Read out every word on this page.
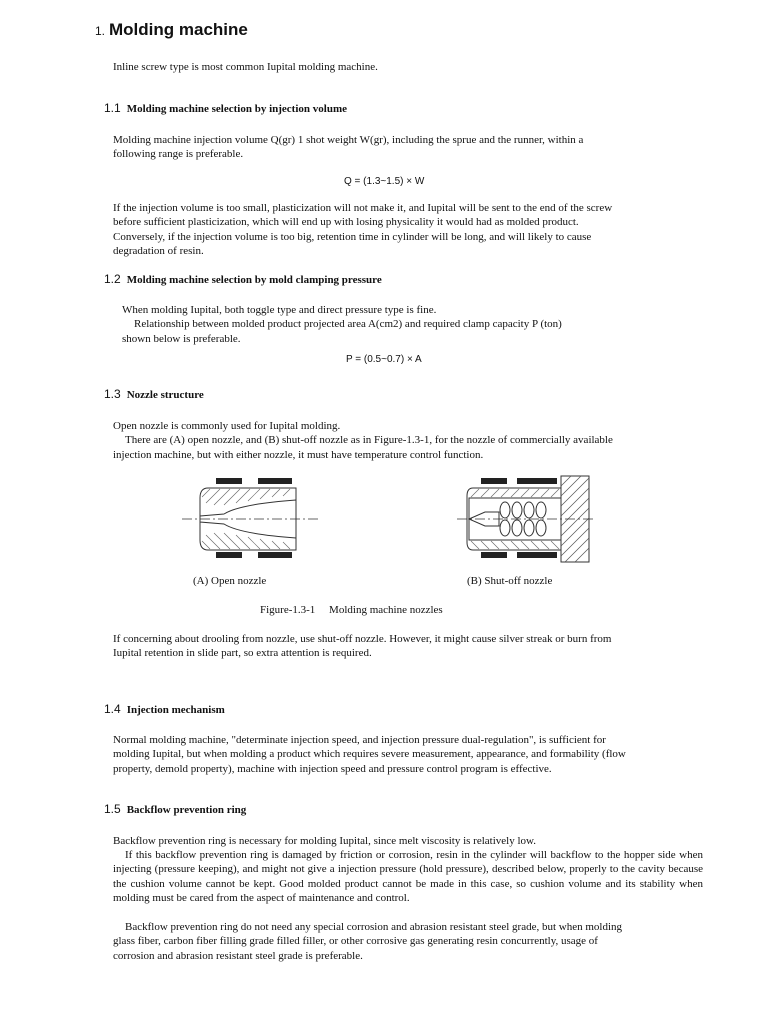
1. Molding machine
Inline screw type is most common Iupital molding machine.
1.1 Molding machine selection by injection volume
Molding machine injection volume Q(gr) 1 shot weight W(gr), including the sprue and the runner, within a
following range is preferable.
Q = (1.3~1.5) × W
If the injection volume is too small, plasticization will not make it, and Iupital will be sent to the end of the screw
before sufficient plasticization, which will end up with losing physicality it would had as molded product.
Conversely, if the injection volume is too big, retention time in cylinder will be long, and will likely to cause
degradation of resin.
1.2 Molding machine selection by mold clamping pressure
When molding Iupital, both toggle type and direct pressure type is fine.
Relationship between molded product projected area A(cm2) and required clamp capacity P (ton)
shown below is preferable.
P = (0.5~0.7) × A
1.3 Nozzle structure
Open nozzle is commonly used for Iupital molding.
There are (A) open nozzle, and (B) shut-off nozzle as in Figure-1.3-1, for the nozzle of commercially available
injection machine, but with either nozzle, it must have temperature control function.
(A) Open nozzle	(B) Shut-off nozzle
Figure-1.3-1     Molding machine nozzles
If concerning about drooling from nozzle, use shut-off nozzle. However, it might cause silver streak or burn from
Iupital retention in slide part, so extra attention is required.
1.4 Injection mechanism
Normal molding machine, "determinate injection speed, and injection pressure dual-regulation", is sufficient for
molding Iupital, but when molding a product which requires severe measurement, appearance, and formability (flow
property, demold property), machine with injection speed and pressure control program is effective.
1.5 Backflow prevention ring
Backflow prevention ring is necessary for molding Iupital, since melt viscosity is relatively low.
If this backflow prevention ring is damaged by friction or corrosion, resin in the cylinder will backflow to the hopper side when injecting (pressure keeping), and might not give a injection pressure (hold pressure), described below, properly to the cavity because the cushion volume cannot be kept. Good molded product cannot be made in this case, so cushion volume and its stability when molding must be cared from the aspect of maintenance and control.
Backflow prevention ring do not need any special corrosion and abrasion resistant steel grade, but when molding
glass fiber, carbon fiber filling grade filled filler, or other corrosive gas generating resin concurrently, usage of
corrosion and abrasion resistant steel grade is preferable.
